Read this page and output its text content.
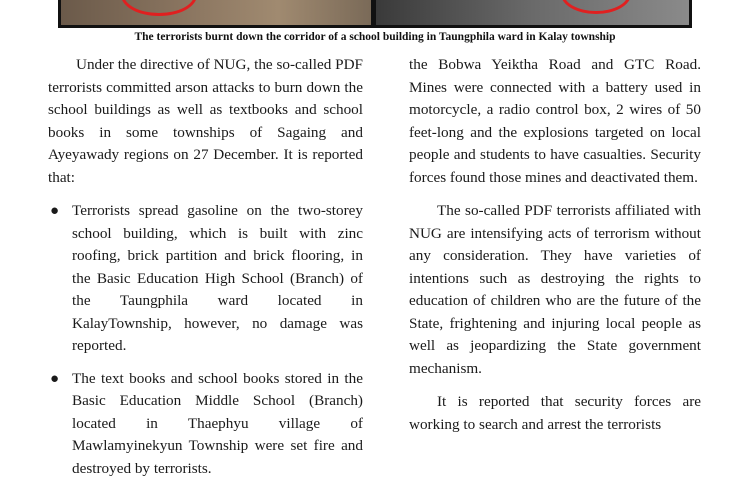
The terrorists burnt down the corridor of a school building in Taungphila ward in Kalay township

Under the directive of NUG, the so-called PDF terrorists committed arson attacks to burn down the school buildings as well as textbooks and school books in some townships of Sagaing and Ayeyawady regions on 27 December. It is reported that:

● Terrorists spread gasoline on the two-storey school building, which is built with zinc roofing, brick partition and brick flooring, in the Basic Education High School (Branch) of the Taungphila ward located in KalayTownship, however, no damage was reported.
● The text books and school books stored in the Basic Education Middle School (Branch) located in Thaephyu village of Mawlamyinekyun Township were set fire and destroyed by terrorists.

the Bobwa Yeiktha Road and GTC Road. Mines were connected with a battery used in motorcycle, a radio control box, 2 wires of 50 feet-long and the explosions targeted on local people and students to have casualties. Security forces found those mines and deactivated them.

The so-called PDF terrorists affiliated with NUG are intensifying acts of terrorism without any consideration. They have varieties of intentions such as destroying the rights to education of children who are the future of the State, frightening and injuring local people as well as jeopardizing the State government mechanism.

It is reported that security forces are working to search and arrest the terrorists
